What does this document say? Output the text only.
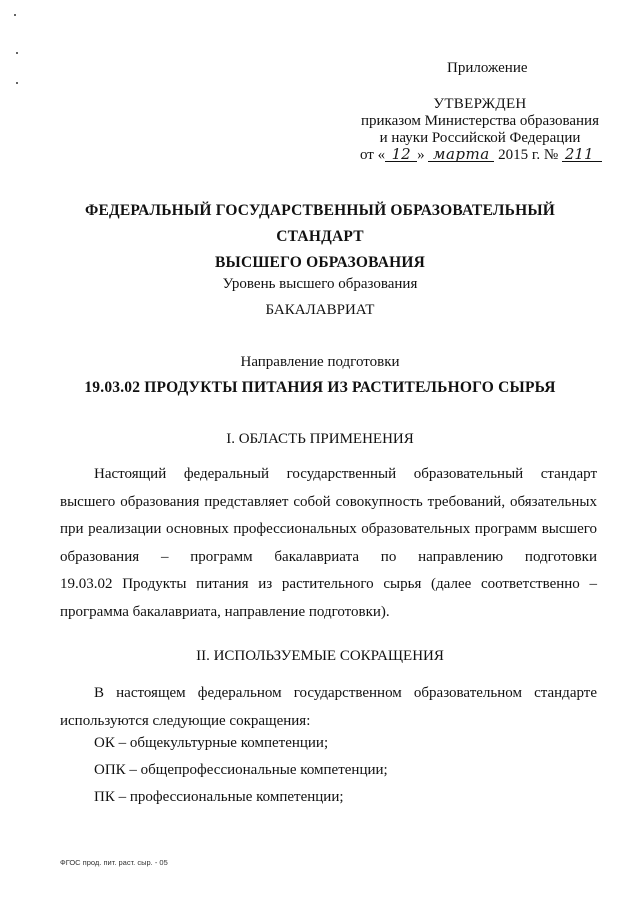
Приложение
УТВЕРЖДЕН
приказом Министерства образования
и науки Российской Федерации
от « 12 » марта 2015 г. № 211
ФЕДЕРАЛЬНЫЙ ГОСУДАРСТВЕННЫЙ ОБРАЗОВАТЕЛЬНЫЙ СТАНДАРТ
ВЫСШЕГО ОБРАЗОВАНИЯ
Уровень высшего образования
БАКАЛАВРИАТ
Направление подготовки
19.03.02 ПРОДУКТЫ ПИТАНИЯ ИЗ РАСТИТЕЛЬНОГО СЫРЬЯ
I. ОБЛАСТЬ ПРИМЕНЕНИЯ
Настоящий федеральный государственный образовательный стандарт
высшего образования представляет собой совокупность требований, обязательных
при реализации основных профессиональных образовательных программ высшего
образования – программ бакалавриата по направлению подготовки
19.03.02 Продукты питания из растительного сырья (далее соответственно –
программа бакалавриата, направление подготовки).
II. ИСПОЛЬЗУЕМЫЕ СОКРАЩЕНИЯ
В настоящем федеральном государственном образовательном стандарте
используются следующие сокращения:
ОК – общекультурные компетенции;
ОПК – общепрофессиональные компетенции;
ПК – профессиональные компетенции;
ФГОС прод. пит. раст. сыр. - 05
